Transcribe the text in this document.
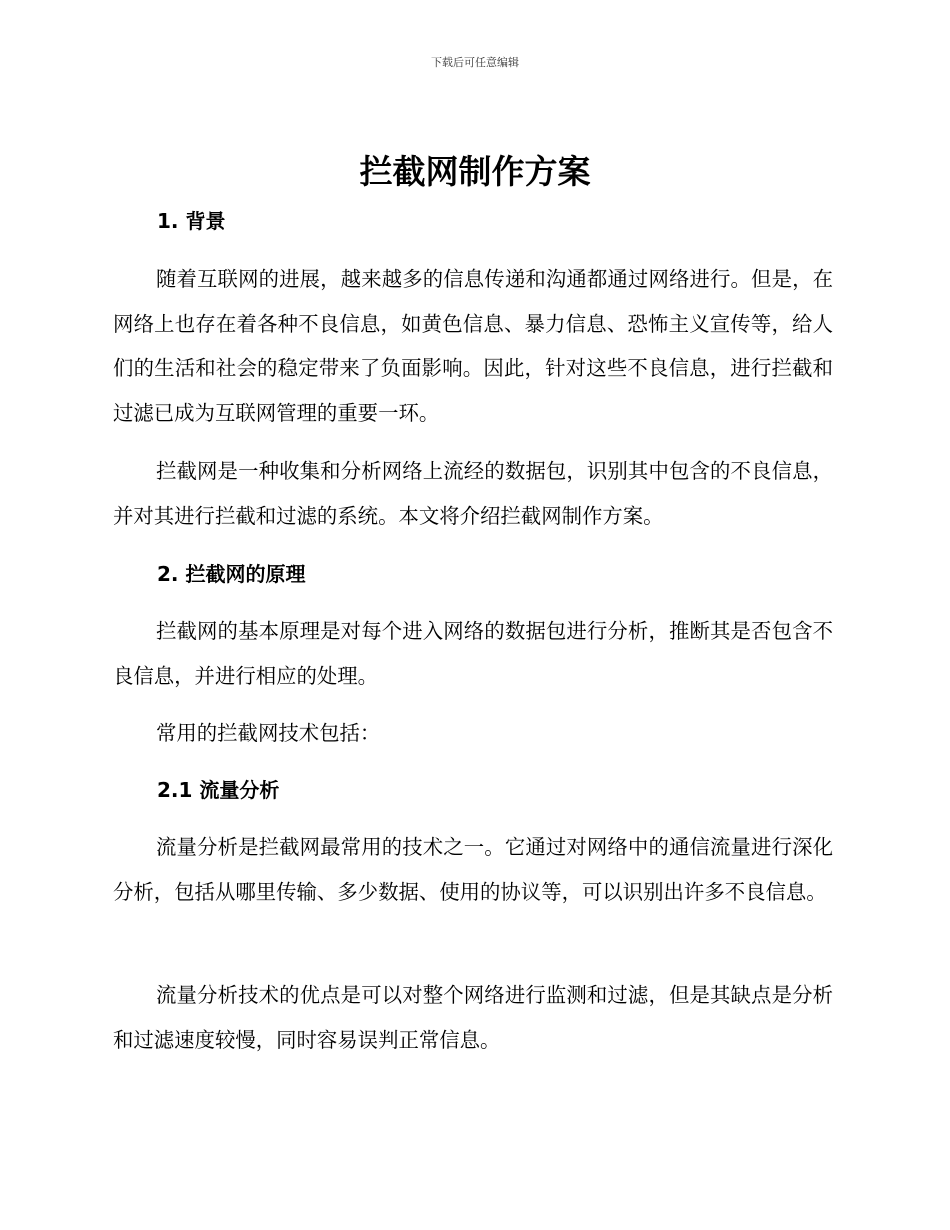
下载后可任意编辑
拦截网制作方案
1. 背景

随着互联网的进展，越来越多的信息传递和沟通都通过网络进行。但是，在网络上也存在着各种不良信息，如黄色信息、暴力信息、恐怖主义宣传等，给人们的生活和社会的稳定带来了负面影响。因此，针对这些不良信息，进行拦截和过滤已成为互联网管理的重要一环。

拦截网是一种收集和分析网络上流经的数据包，识别其中包含的不良信息，并对其进行拦截和过滤的系统。本文将介绍拦截网制作方案。

2. 拦截网的原理

拦截网的基本原理是对每个进入网络的数据包进行分析，推断其是否包含不良信息，并进行相应的处理。

常用的拦截网技术包括：

2.1 流量分析

流量分析是拦截网最常用的技术之一。它通过对网络中的通信流量进行深化分析，包括从哪里传输、多少数据、使用的协议等，可以识别出许多不良信息。

流量分析技术的优点是可以对整个网络进行监测和过滤，但是其缺点是分析和过滤速度较慢，同时容易误判正常信息。
